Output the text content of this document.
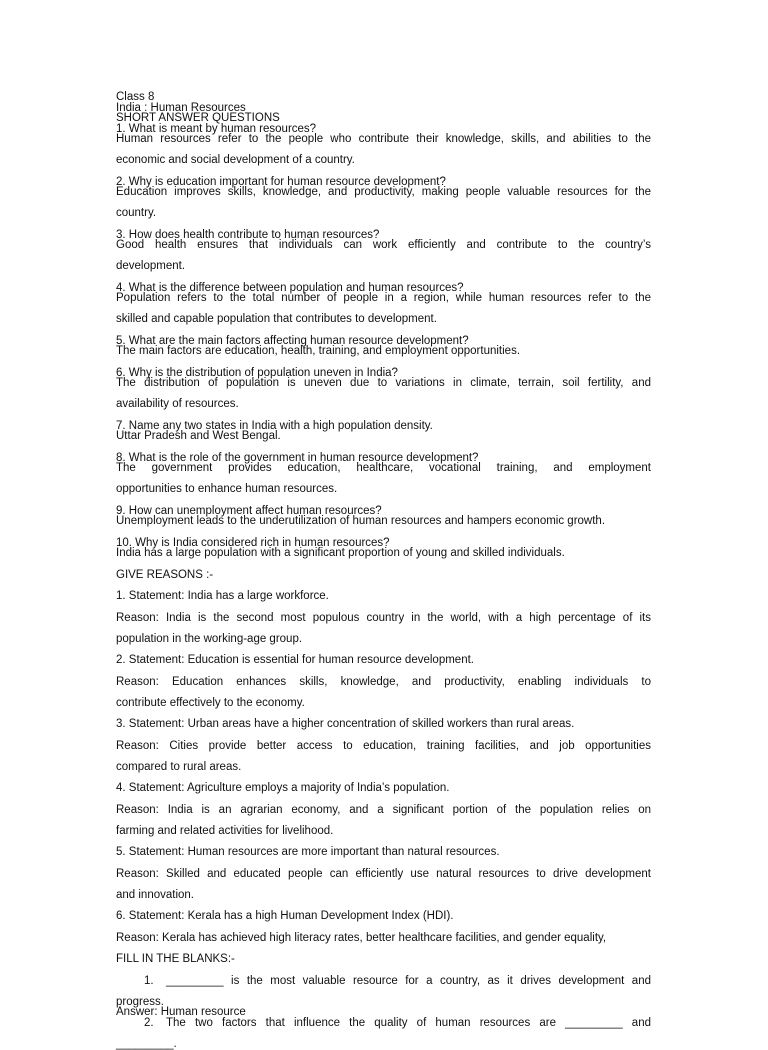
Class 8
India : Human Resources
SHORT ANSWER QUESTIONS
1. What is meant by human resources?
Human resources refer to the people who contribute their knowledge, skills, and abilities to the
economic and social development of a country.
2. Why is education important for human resource development?
Education improves skills, knowledge, and productivity, making people valuable resources for the
country.
3. How does health contribute to human resources?
Good health ensures that individuals can work efficiently and contribute to the country’s
development.
4. What is the difference between population and human resources?
Population refers to the total number of people in a region, while human resources refer to the
skilled and capable population that contributes to development.
5. What are the main factors affecting human resource development?
The main factors are education, health, training, and employment opportunities.
6. Why is the distribution of population uneven in India?
The distribution of population is uneven due to variations in climate, terrain, soil fertility, and
availability of resources.
7. Name any two states in India with a high population density.
Uttar Pradesh and West Bengal.
8. What is the role of the government in human resource development?
The government provides education, healthcare, vocational training, and employment
opportunities to enhance human resources.
9. How can unemployment affect human resources?
Unemployment leads to the underutilization of human resources and hampers economic growth.
10. Why is India considered rich in human resources?
India has a large population with a significant proportion of young and skilled individuals.
GIVE REASONS :-
1. Statement: India has a large workforce.
Reason: India is the second most populous country in the world, with a high percentage of its
population in the working-age group.
2. Statement: Education is essential for human resource development.
Reason: Education enhances skills, knowledge, and productivity, enabling individuals to
contribute effectively to the economy.
3. Statement: Urban areas have a higher concentration of skilled workers than rural areas.
Reason: Cities provide better access to education, training facilities, and job opportunities
compared to rural areas.
4. Statement: Agriculture employs a majority of India’s population.
Reason: India is an agrarian economy, and a significant portion of the population relies on
farming and related activities for livelihood.
5. Statement: Human resources are more important than natural resources.
Reason: Skilled and educated people can efficiently use natural resources to drive development
and innovation.
6. Statement: Kerala has a high Human Development Index (HDI).
Reason: Kerala has achieved high literacy rates, better healthcare facilities, and gender equality,
FILL IN THE BLANKS:-
1. _________ is the most valuable resource for a country, as it drives development and
progress.
Answer: Human resource
2. The two factors that influence the quality of human resources are _________ and
_________.
